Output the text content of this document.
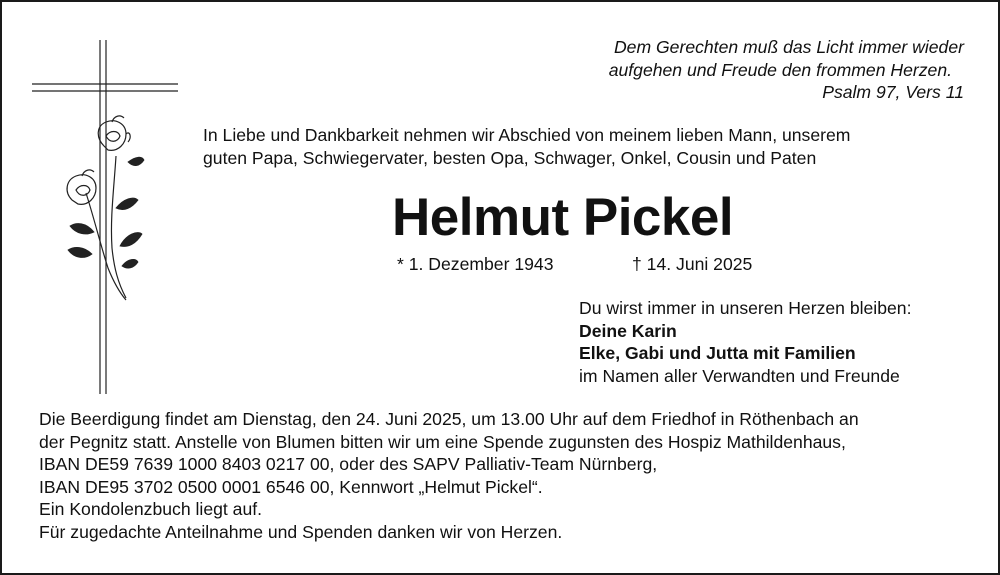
Dem Gerechten muß das Licht immer wieder
aufgehen und Freude den frommen Herzen.
Psalm 97, Vers 11
In Liebe und Dankbarkeit nehmen wir Abschied von meinem lieben Mann, unserem
guten Papa, Schwiegervater, besten Opa, Schwager, Onkel, Cousin und Paten
Helmut Pickel
* 1. Dezember 1943	† 14. Juni 2025
Du wirst immer in unseren Herzen bleiben:
Deine Karin
Elke, Gabi und Jutta mit Familien
im Namen aller Verwandten und Freunde
Die Beerdigung findet am Dienstag, den 24. Juni 2025, um 13.00 Uhr auf dem Friedhof in Röthenbach an
der Pegnitz statt. Anstelle von Blumen bitten wir um eine Spende zugunsten des Hospiz Mathildenhaus,
IBAN DE59 7639 1000 8403 0217 00, oder des SAPV Palliativ-Team Nürnberg,
IBAN DE95 3702 0500 0001 6546 00, Kennwort „Helmut Pickel“.
Ein Kondolenzbuch liegt auf.
Für zugedachte Anteilnahme und Spenden danken wir von Herzen.
